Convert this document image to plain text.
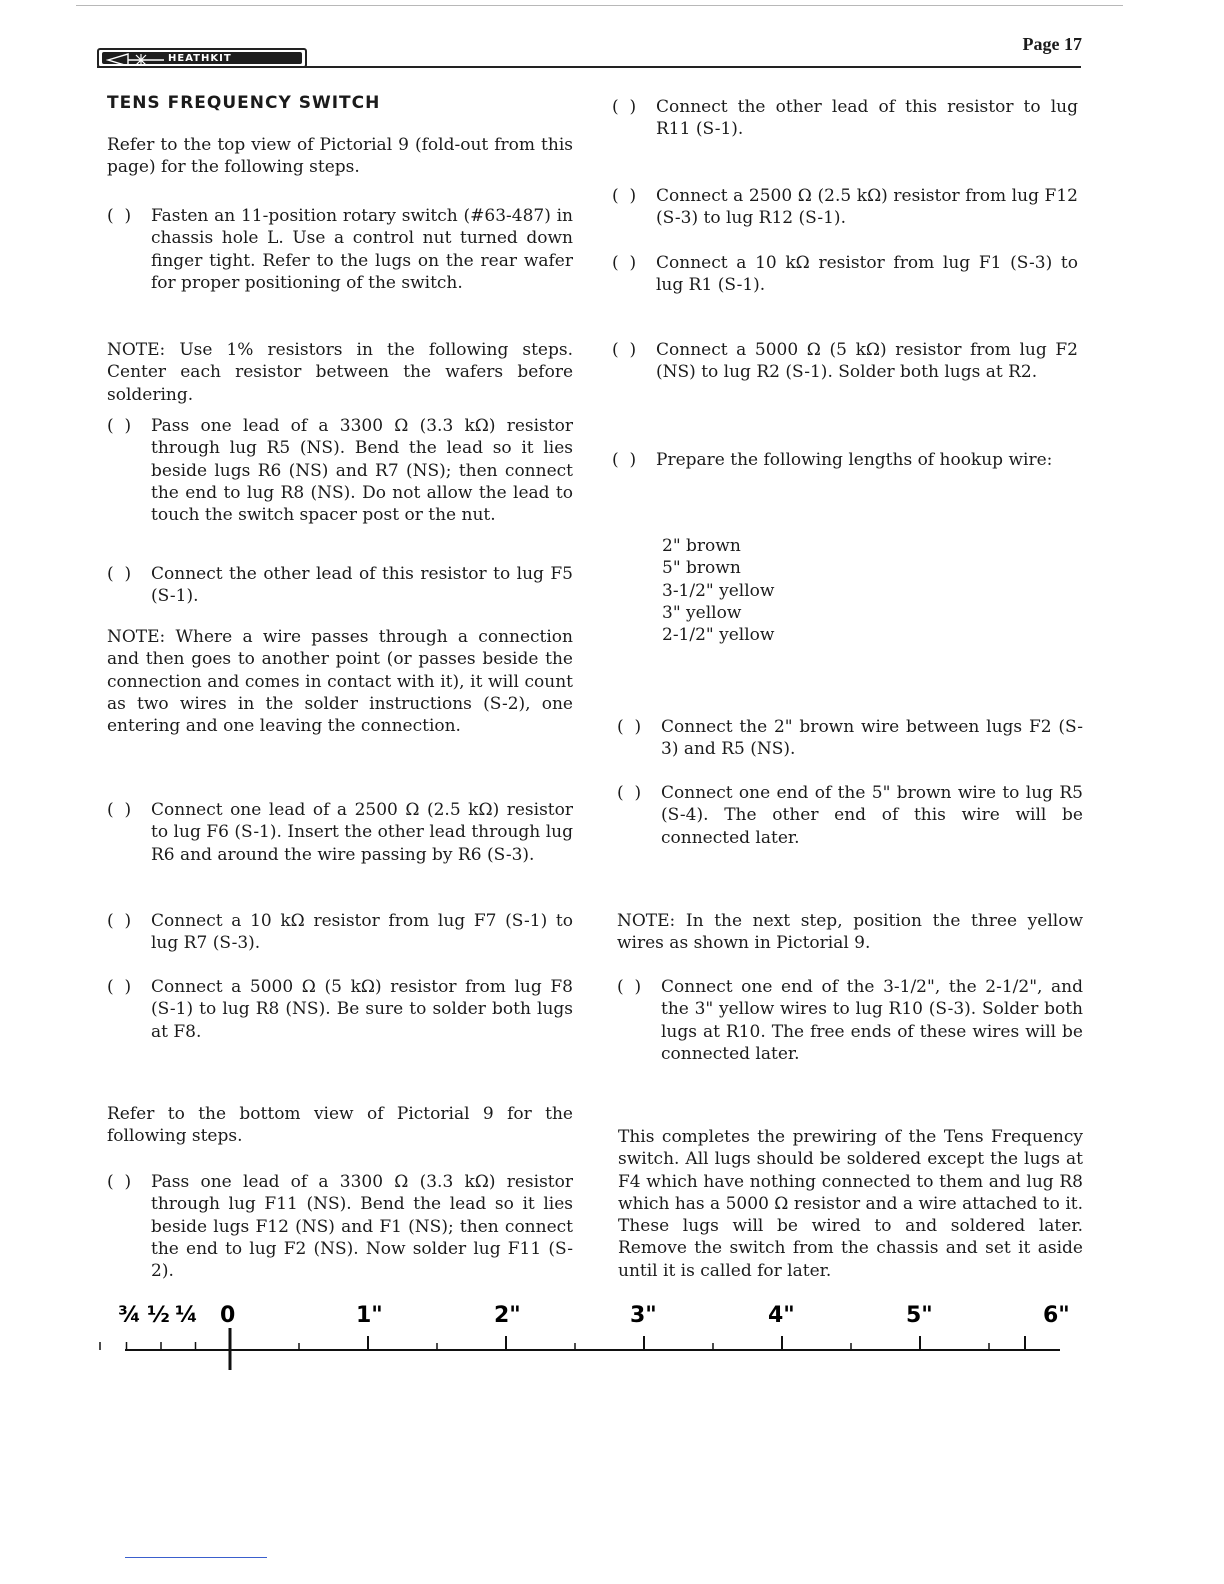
HEATHKIT
Page 17
TENS FREQUENCY SWITCH

Refer to the top view of Pictorial 9 (fold-out from this page) for the following steps.

(  )	Fasten an 11-position rotary switch (#63-487) in chassis hole L. Use a control nut turned down finger tight. Refer to the lugs on the rear wafer for proper positioning of the switch.

NOTE: Use 1% resistors in the following steps. Center each resistor between the wafers before soldering.

(  )	Pass one lead of a 3300 Ω (3.3 kΩ) resistor through lug R5 (NS). Bend the lead so it lies beside lugs R6 (NS) and R7 (NS); then connect the end to lug R8 (NS). Do not allow the lead to touch the switch spacer post or the nut.
(  )	Connect the other lead of this resistor to lug F5 (S-1).

NOTE: Where a wire passes through a connection and then goes to another point (or passes beside the connection and comes in contact with it), it will count as two wires in the solder instructions (S-2), one entering and one leaving the connection.

(  )	Connect one lead of a 2500 Ω (2.5 kΩ) resistor to lug F6 (S-1). Insert the other lead through lug R6 and around the wire passing by R6 (S-3).
(  )	Connect a 10 kΩ resistor from lug F7 (S-1) to lug R7 (S-3).
(  )	Connect a 5000 Ω (5 kΩ) resistor from lug F8 (S-1) to lug R8 (NS). Be sure to solder both lugs at F8.

Refer to the bottom view of Pictorial 9 for the following steps.

(  )	Pass one lead of a 3300 Ω (3.3 kΩ) resistor through lug F11 (NS). Bend the lead so it lies beside lugs F12 (NS) and F1 (NS); then connect the end to lug F2 (NS). Now solder lug F11 (S-2).
(  )	Connect the other lead of this resistor to lug R11 (S-1).
(  )	Connect a 2500 Ω (2.5 kΩ) resistor from lug F12 (S-3) to lug R12 (S-1).
(  )	Connect a 10 kΩ resistor from lug F1 (S-3) to lug R1 (S-1).
(  )	Connect a 5000 Ω (5 kΩ) resistor from lug F2 (NS) to lug R2 (S-1). Solder both lugs at R2.
(  )	Prepare the following lengths of hookup wire:
2" brown
5" brown
3-1/2" yellow
3" yellow
2-1/2" yellow
(  )	Connect the 2" brown wire between lugs F2 (S-3) and R5 (NS).
(  )	Connect one end of the 5" brown wire to lug R5 (S-4). The other end of this wire will be connected later.

NOTE: In the next step, position the three yellow wires as shown in Pictorial 9.

(  )	Connect one end of the 3-1/2", the 2-1/2", and the 3" yellow wires to lug R10 (S-3). Solder both lugs at R10. The free ends of these wires will be connected later.

This completes the prewiring of the Tens Frequency switch. All lugs should be soldered except the lugs at F4 which have nothing connected to them and lug R8 which has a 5000 Ω resistor and a wire attached to it. These lugs will be wired to and soldered later. Remove the switch from the chassis and set it aside until it is called for later.

¾ ½ ¼ 0	1"	2"	3"	4"	5"	6"
